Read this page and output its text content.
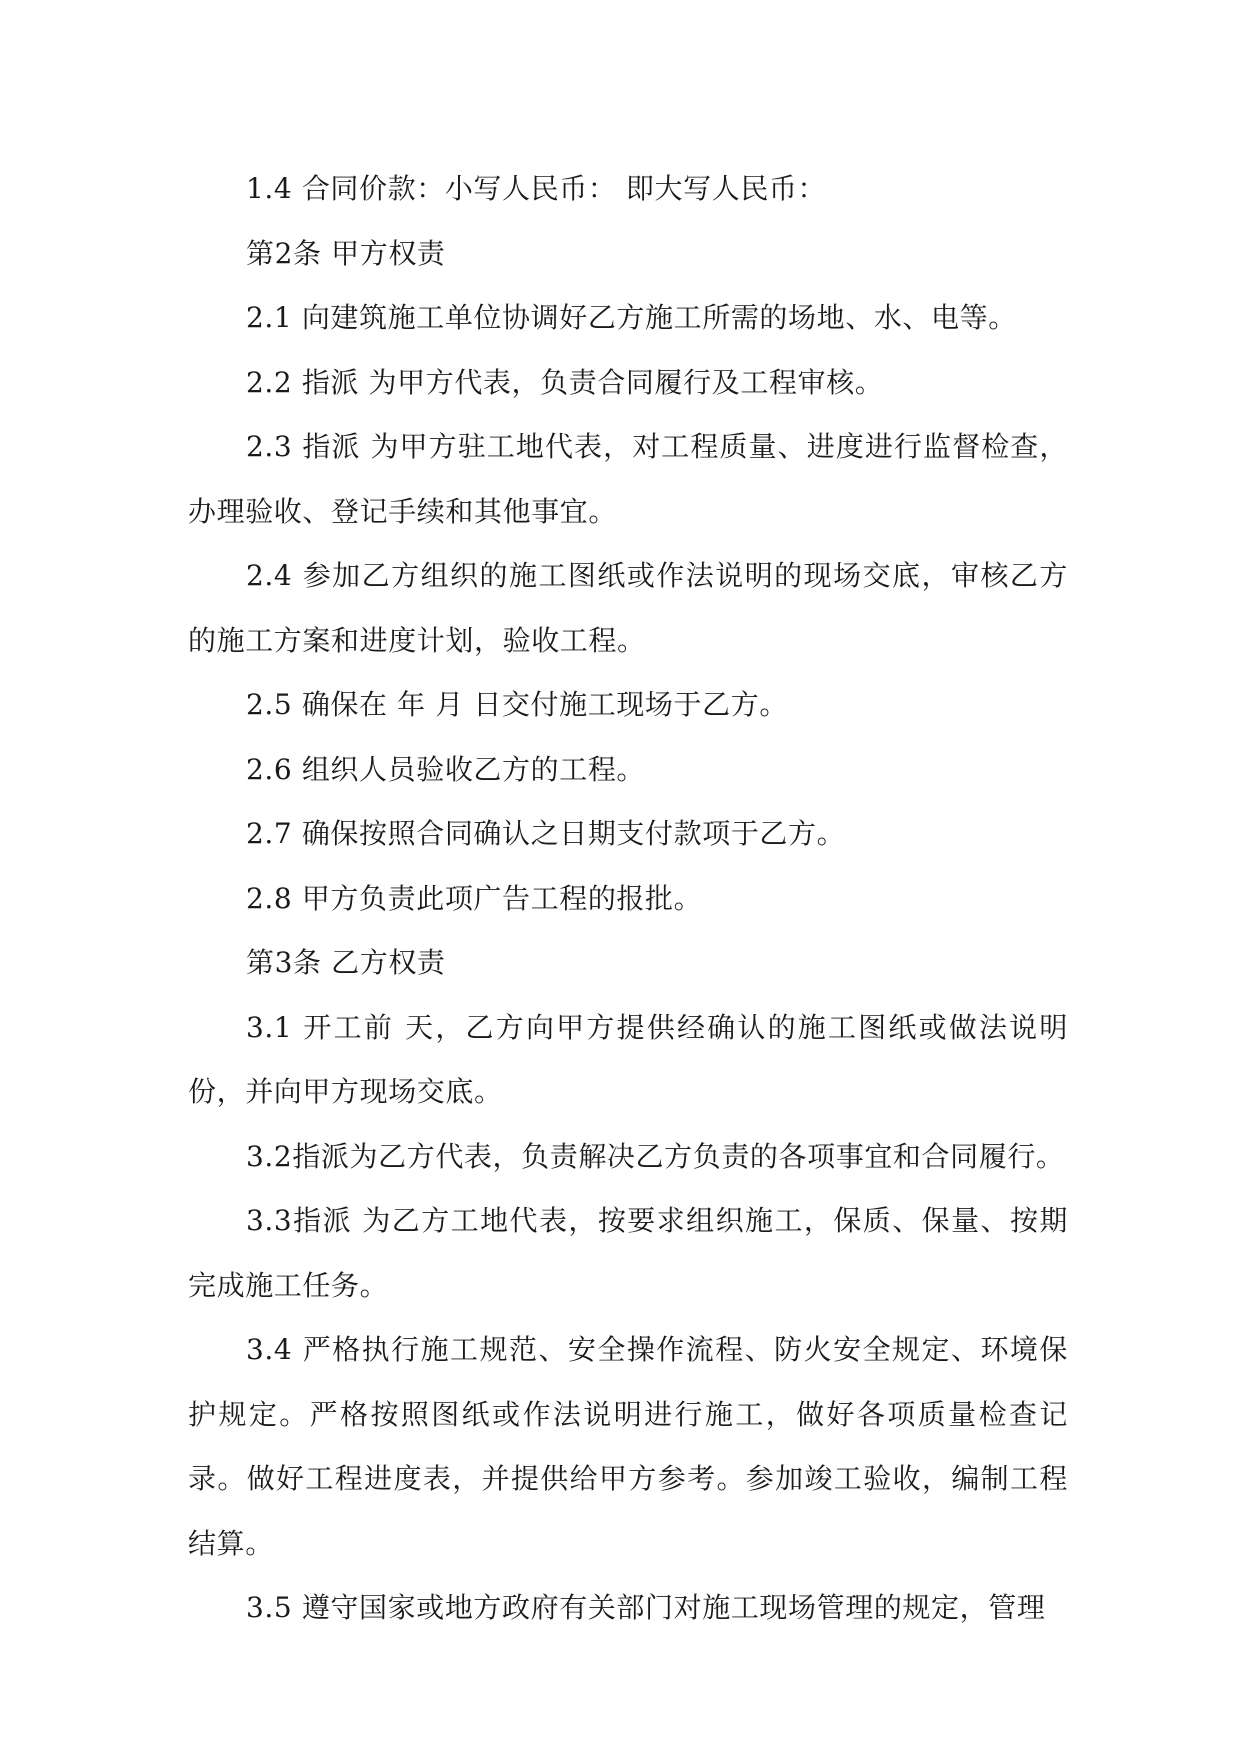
1.4 合同价款：小写人民币： 即大写人民币：

第2条 甲方权责

2.1 向建筑施工单位协调好乙方施工所需的场地、水、电等。

2.2 指派 为甲方代表，负责合同履行及工程审核。

2.3 指派 为甲方驻工地代表，对工程质量、进度进行监督检查，办理验收、登记手续和其他事宜。

2.4 参加乙方组织的施工图纸或作法说明的现场交底，审核乙方的施工方案和进度计划，验收工程。

2.5 确保在 年 月 日交付施工现场于乙方。

2.6 组织人员验收乙方的工程。

2.7 确保按照合同确认之日期支付款项于乙方。

2.8 甲方负责此项广告工程的报批。

第3条 乙方权责

3.1 开工前 天，乙方向甲方提供经确认的施工图纸或做法说明 份，并向甲方现场交底。

3.2指派为乙方代表，负责解决乙方负责的各项事宜和合同履行。

3.3指派 为乙方工地代表，按要求组织施工，保质、保量、按期完成施工任务。

3.4 严格执行施工规范、安全操作流程、防火安全规定、环境保护规定。严格按照图纸或作法说明进行施工，做好各项质量检查记录。做好工程进度表，并提供给甲方参考。参加竣工验收，编制工程结算。

3.5 遵守国家或地方政府有关部门对施工现场管理的规定，管理
